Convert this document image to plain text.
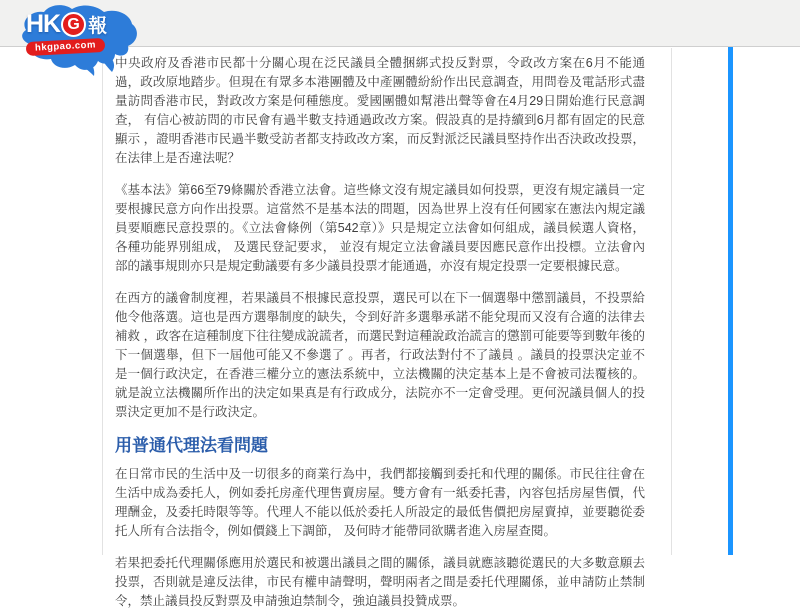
HK G 報
hkgpao.com
搜尋 ...

中央政府及香港市民都十分關心現在泛民議員全體捆綁式投反對票，令政改方案在6月不能通過，政改原地踏步。但現在有眾多本港團體及中產團體紛紛作出民意調查，用問卷及電話形式盡量訪問香港市民，對政改方案是何種態度。愛國團體如幫港出聲等會在4月29日開始進行民意調查， 有信心被訪問的市民會有過半數支持通過政改方案。假設真的是持續到6月都有固定的民意顯示 ，證明香港市民過半數受訪者都支持政改方案，而反對派泛民議員堅持作出否決政改投票，在法律上是否違法呢？

《基本法》第66至79條關於香港立法會。這些條文沒有規定議員如何投票，更沒有規定議員一定要根據民意方向作出投票。這當然不是基本法的問題，因為世界上沒有任何國家在憲法內規定議員要順應民意投票的。《立法會條例（第542章）》只是規定立法會如何組成，議員候選人資格，各種功能界別組成， 及選民登記要求， 並沒有規定立法會議員要因應民意作出投標。立法會內部的議事規則亦只是規定動議要有多少議員投票才能通過，亦沒有規定投票一定要根據民意。

在西方的議會制度裡，若果議員不根據民意投票，選民可以在下一個選舉中懲罰議員，不投票給他令他落選。這也是西方選舉制度的缺失，令到好許多選舉承諾不能兌現而又沒有合適的法律去補救 ，政客在這種制度下往往變成說謊者，而選民對這種說政治謊言的懲罰可能要等到數年後的下一個選舉，但下一屆他可能又不參選了 。再者，行政法對付不了議員 。議員的投票決定並不是一個行政決定，在香港三權分立的憲法系統中，立法機關的決定基本上是不會被司法覆核的。就是說立法機關所作出的決定如果真是有行政成分，法院亦不一定會受理。更何況議員個人的投票決定更加不是行政決定。

用普通代理法看問題

在日常市民的生活中及一切很多的商業行為中，我們都接觸到委托和代理的關係。市民往往會在生活中成為委托人，例如委托房產代理售賣房屋。雙方會有一紙委托書，內容包括房屋售價，代理酬金，及委托時限等等。代理人不能以低於委托人所設定的最低售價把房屋賣掉，並要聽從委托人所有合法指令，例如價錢上下調節， 及何時才能帶同欲購者進入房屋查閱。

若果把委托代理關係應用於選民和被選出議員之間的關係，議員就應該聽從選民的大多數意願去投票，否則就是違反法律，市民有權申請聲明，聲明兩者之間是委托代理關係，並申請防止禁制令，禁止議員投反對票及申請強迫禁制令，強迫議員投贊成票。
